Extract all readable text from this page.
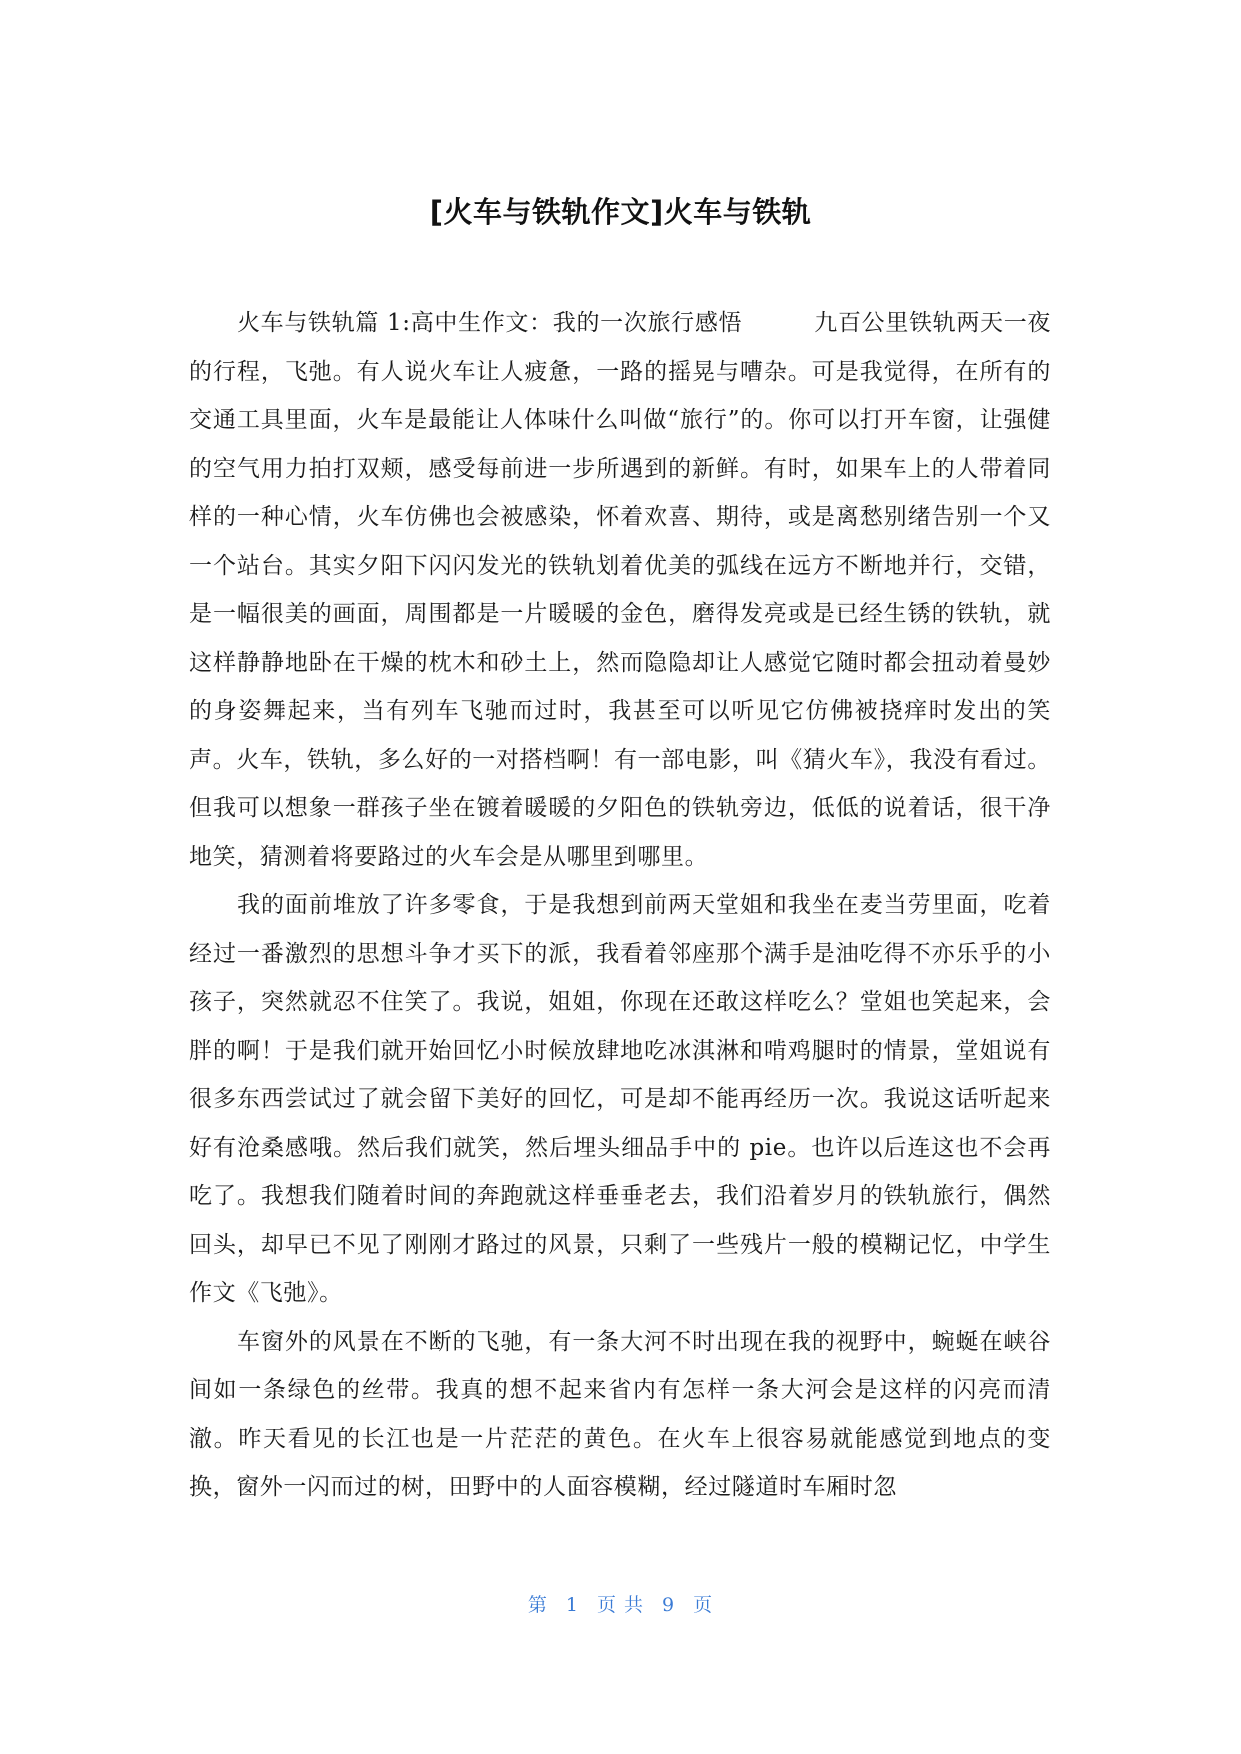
[火车与铁轨作文]火车与铁轨

火车与铁轨篇 1:高中生作文：我的一次旅行感悟	九百公里铁轨两天一夜的行程，飞弛。有人说火车让人疲惫，一路的摇晃与嘈杂。可是我觉得，在所有的交通工具里面，火车是最能让人体味什么叫做“旅行”的。你可以打开车窗，让强健的空气用力拍打双颊，感受每前进一步所遇到的新鲜。有时，如果车上的人带着同样的一种心情，火车仿佛也会被感染，怀着欢喜、期待，或是离愁别绪告别一个又一个站台。其实夕阳下闪闪发光的铁轨划着优美的弧线在远方不断地并行，交错，是一幅很美的画面，周围都是一片暖暖的金色，磨得发亮或是已经生锈的铁轨，就这样静静地卧在干燥的枕木和砂土上，然而隐隐却让人感觉它随时都会扭动着曼妙的身姿舞起来，当有列车飞驰而过时，我甚至可以听见它仿佛被挠痒时发出的笑声。火车，铁轨，多么好的一对搭档啊！有一部电影，叫《猜火车》，我没有看过。但我可以想象一群孩子坐在镀着暖暖的夕阳色的铁轨旁边，低低的说着话，很干净地笑，猜测着将要路过的火车会是从哪里到哪里。

我的面前堆放了许多零食，于是我想到前两天堂姐和我坐在麦当劳里面，吃着经过一番激烈的思想斗争才买下的派，我看着邻座那个满手是油吃得不亦乐乎的小孩子，突然就忍不住笑了。我说，姐姐，你现在还敢这样吃么？堂姐也笑起来，会胖的啊！于是我们就开始回忆小时候放肆地吃冰淇淋和啃鸡腿时的情景，堂姐说有很多东西尝试过了就会留下美好的回忆，可是却不能再经历一次。我说这话听起来好有沧桑感哦。然后我们就笑，然后埋头细品手中的 pie。也许以后连这也不会再吃了。我想我们随着时间的奔跑就这样垂垂老去，我们沿着岁月的铁轨旅行，偶然回头，却早已不见了刚刚才路过的风景，只剩了一些残片一般的模糊记忆，中学生作文《飞弛》。

车窗外的风景在不断的飞驰，有一条大河不时出现在我的视野中，蜿蜒在峡谷间如一条绿色的丝带。我真的想不起来省内有怎样一条大河会是这样的闪亮而清澈。昨天看见的长江也是一片茫茫的黄色。在火车上很容易就能感觉到地点的变换，窗外一闪而过的树，田野中的人面容模糊，经过隧道时车厢时忽

第 1 页 共 9 页
